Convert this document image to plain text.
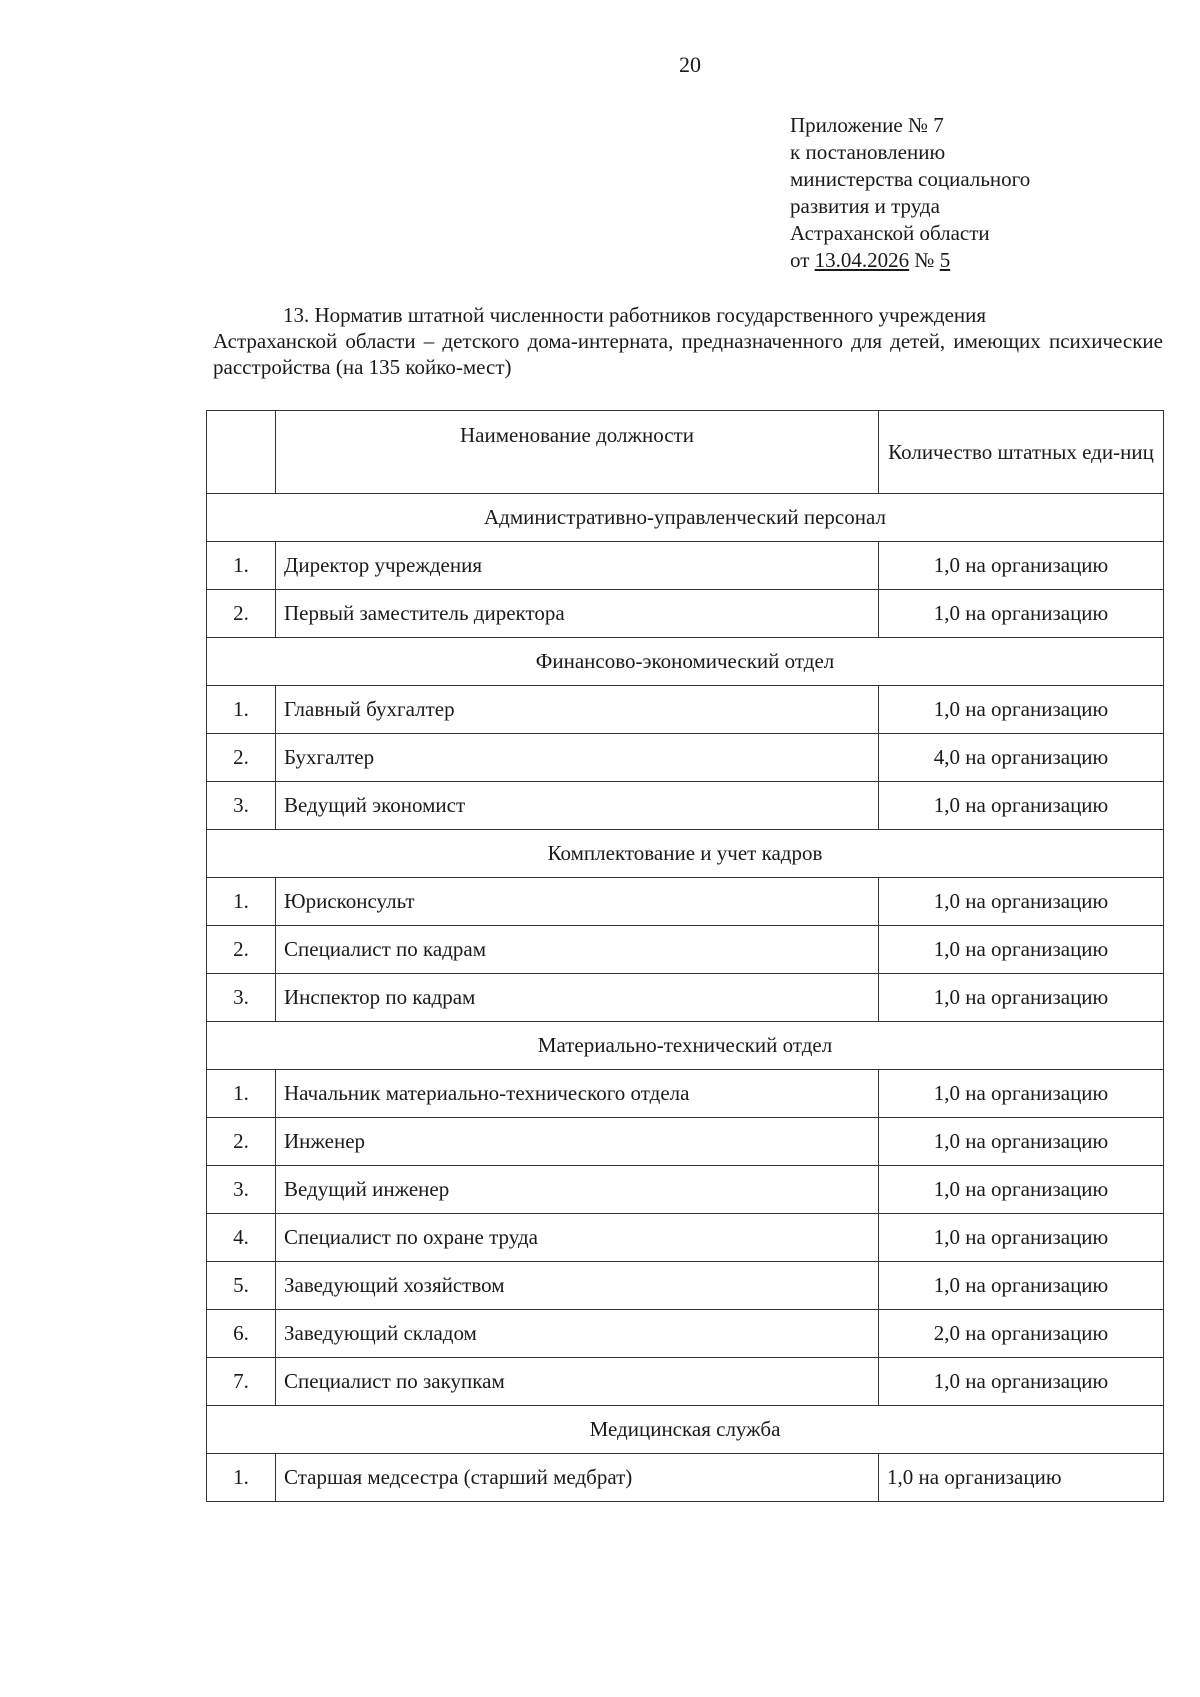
20
Приложение № 7
к постановлению
министерства социального
развития и труда
Астраханской области
от 13.04.2026 № 5
13. Норматив штатной численности работников государственного учреждения
Астраханской области – детского дома-интерната, предназначенного для детей, имеющих психические расстройства (на 135 койко-мест)
	Наименование должности	Количество штатных еди-ниц
Административно-управленческий персонал		
1.	Директор учреждения	1,0 на организацию
2.	Первый заместитель директора	1,0 на организацию
Финансово-экономический отдел		
1.	Главный бухгалтер	1,0 на организацию
2.	Бухгалтер	4,0 на организацию
3.	Ведущий экономист	1,0 на организацию
Комплектование и учет кадров		
1.	Юрисконсульт	1,0 на организацию
2.	Специалист по кадрам	1,0 на организацию
3.	Инспектор по кадрам	1,0 на организацию
Материально-технический отдел		
1.	Начальник материально-технического отдела	1,0 на организацию
2.	Инженер	1,0 на организацию
3.	Ведущий инженер	1,0 на организацию
4.	Специалист по охране труда	1,0 на организацию
5.	Заведующий хозяйством	1,0 на организацию
6.	Заведующий складом	2,0 на организацию
7.	Специалист по закупкам	1,0 на организацию
Медицинская служба		
1.	Старшая медсестра (старший медбрат)	1,0 на организацию
